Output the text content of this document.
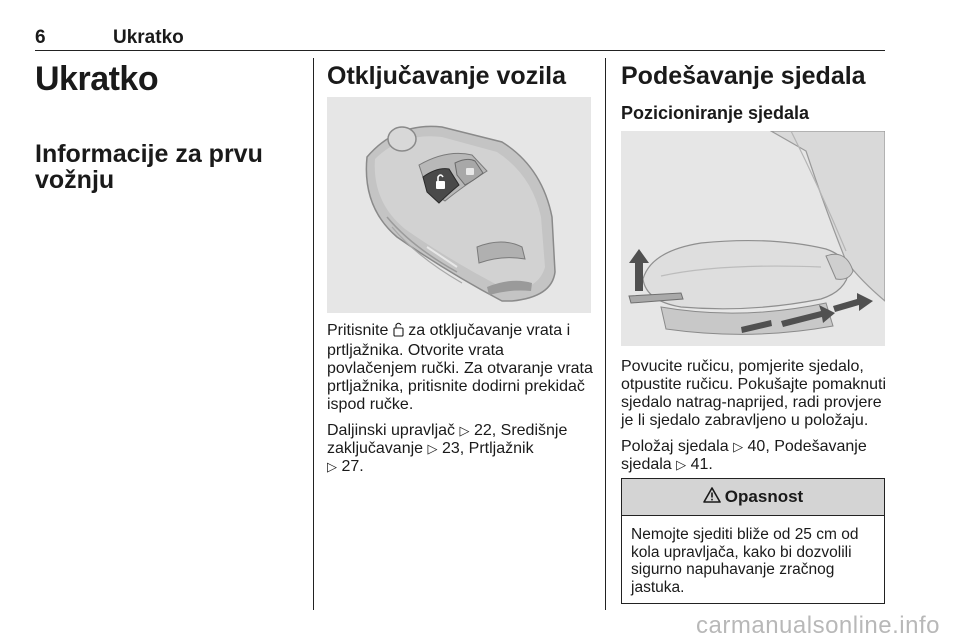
6	Ukratko
Ukratko
Informacije za prvu
vožnju
Otključavanje vozila

Pritisnite za otključavanje vrata i

prtljažnika. Otvorite vrata

povlačenjem ručki. Za otvaranje vrata

prtljažnika, pritisnite dodirni prekidač

ispod ručke.

Daljinski upravljač ▷ 22, Središnje

zaključavanje ▷ 23, Prtljažnik

▷ 27.

Podešavanje sjedala
Pozicioniranje sjedala

Povucite ručicu, pomjerite sjedalo,

otpustite ručicu. Pokušajte pomaknuti

sjedalo natrag-naprijed, radi provjere

je li sjedalo zabravljeno u položaju.

Položaj sjedala ▷ 40, Podešavanje

sjedala ▷ 41.

Opasnost
Nemojte sjediti bliže od 25 cm od
kola upravljača, kako bi dozvolili
sigurno napuhavanje zračnog
jastuka.
carmanualsonline.info
